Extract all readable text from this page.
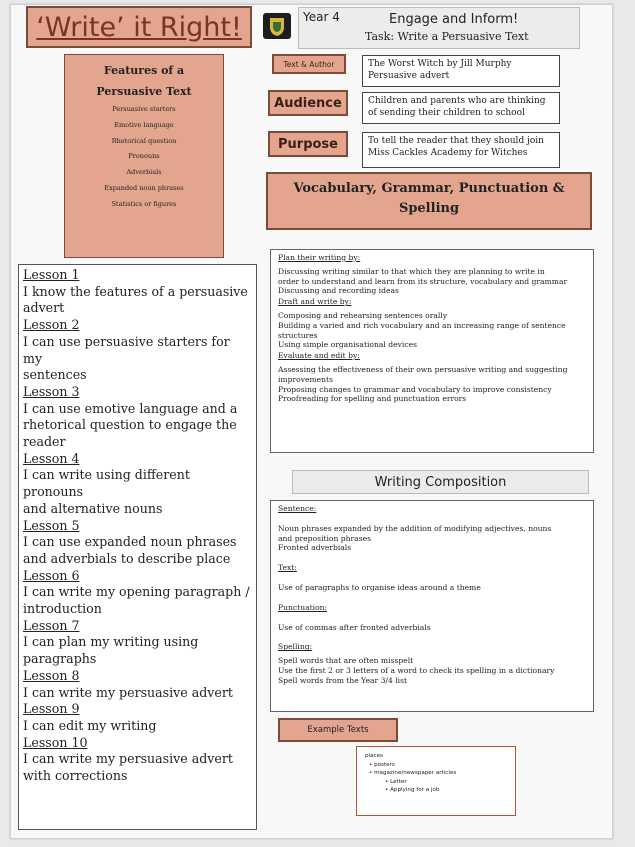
‘Write’ it Right!	Year 4	Engage and Inform!
Task: Write a Persuasive Text
Features of a
Persuasive Text
Persuasive starters
Emotive language
Rhetorical question
Pronouns
Adverbials
Expanded noun phrases
Statistics or figures
Text & Author	The Worst Witch by Jill Murphy
Persuasive advert
Audience	Children and parents who are thinking
of sending their children to school
Purpose	To tell the reader that they should join
Miss Cackles Academy for Witches
Vocabulary, Grammar, Punctuation &
Spelling
Plan their writing by:
Discussing writing similar to that which they are planning to write in
order to understand and learn from its structure, vocabulary and grammar
Discussing and recording ideas
Draft and write by:
Composing and rehearsing sentences orally
Building a varied and rich vocabulary and an increasing range of sentence
structures
Using simple organisational devices
Evaluate and edit by:
Assessing the effectiveness of their own persuasive writing and suggesting
improvements
Proposing changes to grammar and vocabulary to improve consistency
Proofreading for spelling and punctuation errors
Lesson 1
I know the features of a persuasive
advert
Lesson 2
I can use persuasive starters for my
sentences
Lesson 3
I can use emotive language and a
rhetorical question to engage the
reader
Lesson 4
I can write using different pronouns
and alternative nouns
Lesson 5
I can use expanded noun phrases
and adverbials to describe place
Lesson 6
I can write my opening paragraph /
introduction
Lesson 7
I can plan my writing using
paragraphs
Lesson 8
I can write my persuasive advert
Lesson 9
I can edit my writing
Lesson 10
I can write my persuasive advert
with corrections
Writing Composition
Sentence:
Noun phrases expanded by the addition of modifying adjectives, nouns
and preposition phrases
Fronted adverbials
Text:
Use of paragraphs to organise ideas around a theme
Punctuation:
Use of commas after fronted adverbials
Spelling:
Spell words that are often misspelt
Use the first 2 or 3 letters of a word to check its spelling in a dictionary
Spell words from the Year 3/4 list
Example Texts
places
• posters
• magazine/newspaper articles
• Letter
• Applying for a job
